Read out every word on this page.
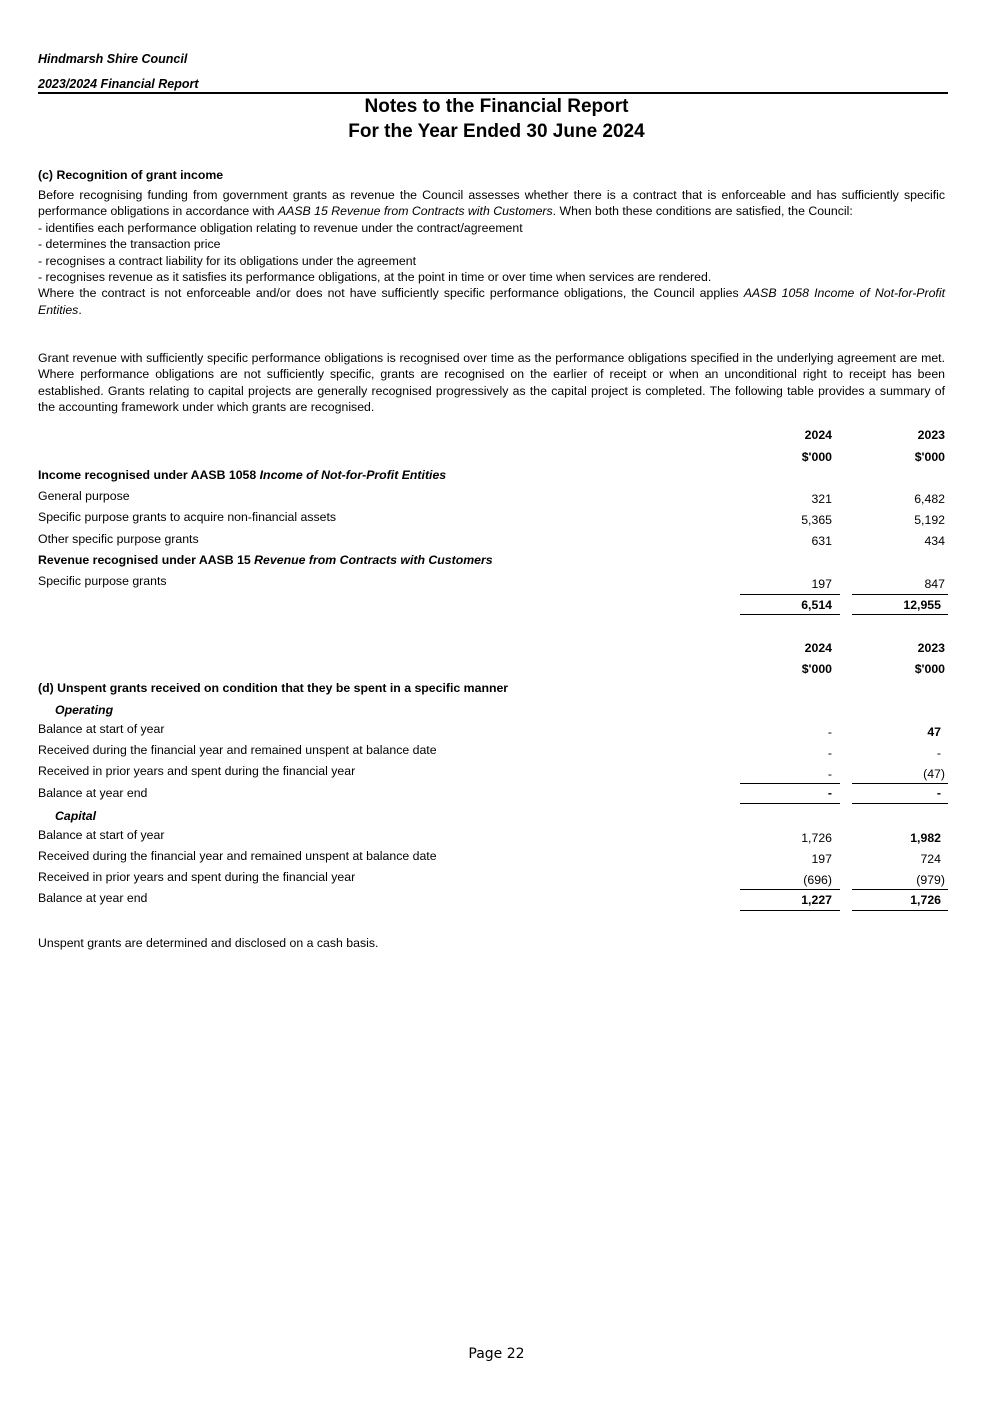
Hindmarsh Shire Council
2023/2024 Financial Report
Notes to the Financial Report
For the Year Ended 30 June 2024
(c) Recognition of grant income

Before recognising funding from government grants as revenue the Council assesses whether there is a contract that is enforceable and has sufficiently specific performance obligations in accordance with AASB 15 Revenue from Contracts with Customers. When both these conditions are satisfied, the Council:

- identifies each performance obligation relating to revenue under the contract/agreement

- determines the transaction price

- recognises a contract liability for its obligations under the agreement

- recognises revenue as it satisfies its performance obligations, at the point in time or over time when services are rendered.

Where the contract is not enforceable and/or does not have sufficiently specific performance obligations, the Council applies AASB 1058 Income of Not-for-Profit Entities.

Grant revenue with sufficiently specific performance obligations is recognised over time as the performance obligations specified in the underlying agreement are met. Where performance obligations are not sufficiently specific, grants are recognised on the earlier of receipt or when an unconditional right to receipt has been established. Grants relating to capital projects are generally recognised progressively as the capital project is completed. The following table provides a summary of the accounting framework under which grants are recognised.
2024	2023
$'000	$'000
Income recognised under AASB 1058 Income of Not-for-Profit Entities
General purpose	321	6,482
Specific purpose grants to acquire non-financial assets	5,365	5,192
Other specific purpose grants	631	434
Revenue recognised under AASB 15 Revenue from Contracts with Customers
Specific purpose grants	197	847
6,514	12,955
2024	2023
$'000	$'000
(d) Unspent grants received on condition that they be spent in a specific manner
Operating
Balance at start of year	-	47
Received during the financial year and remained unspent at balance date	-	-
Received in prior years and spent during the financial year	-	(47)
Balance at year end	-	-
Capital
Balance at start of year	1,726	1,982
Received during the financial year and remained unspent at balance date	197	724
Received in prior years and spent during the financial year	(696)	(979)
Balance at year end	1,227	1,726
Unspent grants are determined and disclosed on a cash basis.
Page 22
